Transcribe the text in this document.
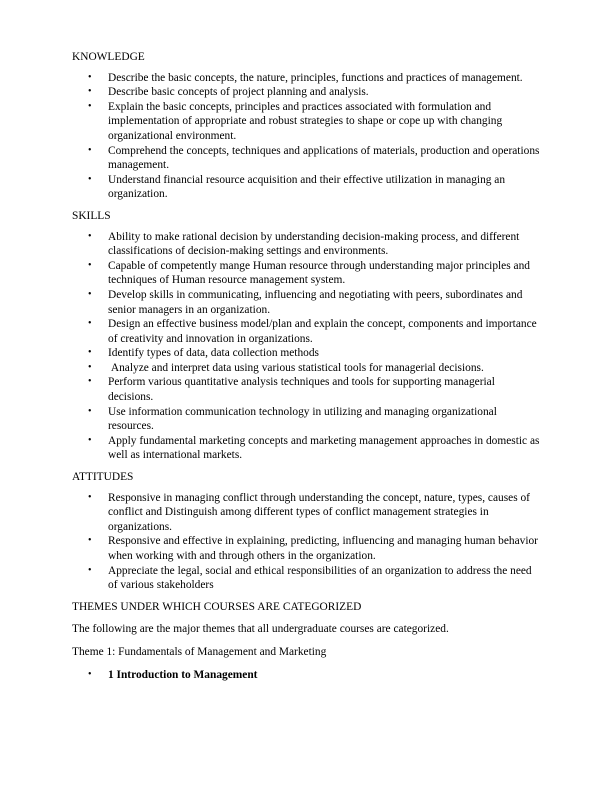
KNOWLEDGE

• Describe the basic concepts, the nature, principles, functions and practices of management.
• Describe basic concepts of project planning and analysis.
• Explain the basic concepts, principles and practices associated with formulation and implementation of appropriate and robust strategies to shape or cope up with changing organizational environment.
• Comprehend the concepts, techniques and applications of materials, production and operations management.
• Understand financial resource acquisition and their effective utilization in managing an organization.

SKILLS

• Ability to make rational decision by understanding decision-making process, and different classifications of decision-making settings and environments.
• Capable of competently mange Human resource through understanding major principles and techniques of Human resource management system.
• Develop skills in communicating, influencing and negotiating with peers, subordinates and senior managers in an organization.
• Design an effective business model/plan and explain the concept, components and importance of creativity and innovation in organizations.
• Identify types of data, data collection methods
• Analyze and interpret data using various statistical tools for managerial decisions.
• Perform various quantitative analysis techniques and tools for supporting managerial decisions.
• Use information communication technology in utilizing and managing organizational resources.
• Apply fundamental marketing concepts and marketing management approaches in domestic as well as international markets.

ATTITUDES

• Responsive in managing conflict through understanding the concept, nature, types, causes of conflict and Distinguish among different types of conflict management strategies in organizations.
• Responsive and effective in explaining, predicting, influencing and managing human behavior when working with and through others in the organization.
• Appreciate the legal, social and ethical responsibilities of an organization to address the need of various stakeholders

THEMES UNDER WHICH COURSES ARE CATEGORIZED

The following are the major themes that all undergraduate courses are categorized.

Theme 1: Fundamentals of Management and Marketing

• 1 Introduction to Management
